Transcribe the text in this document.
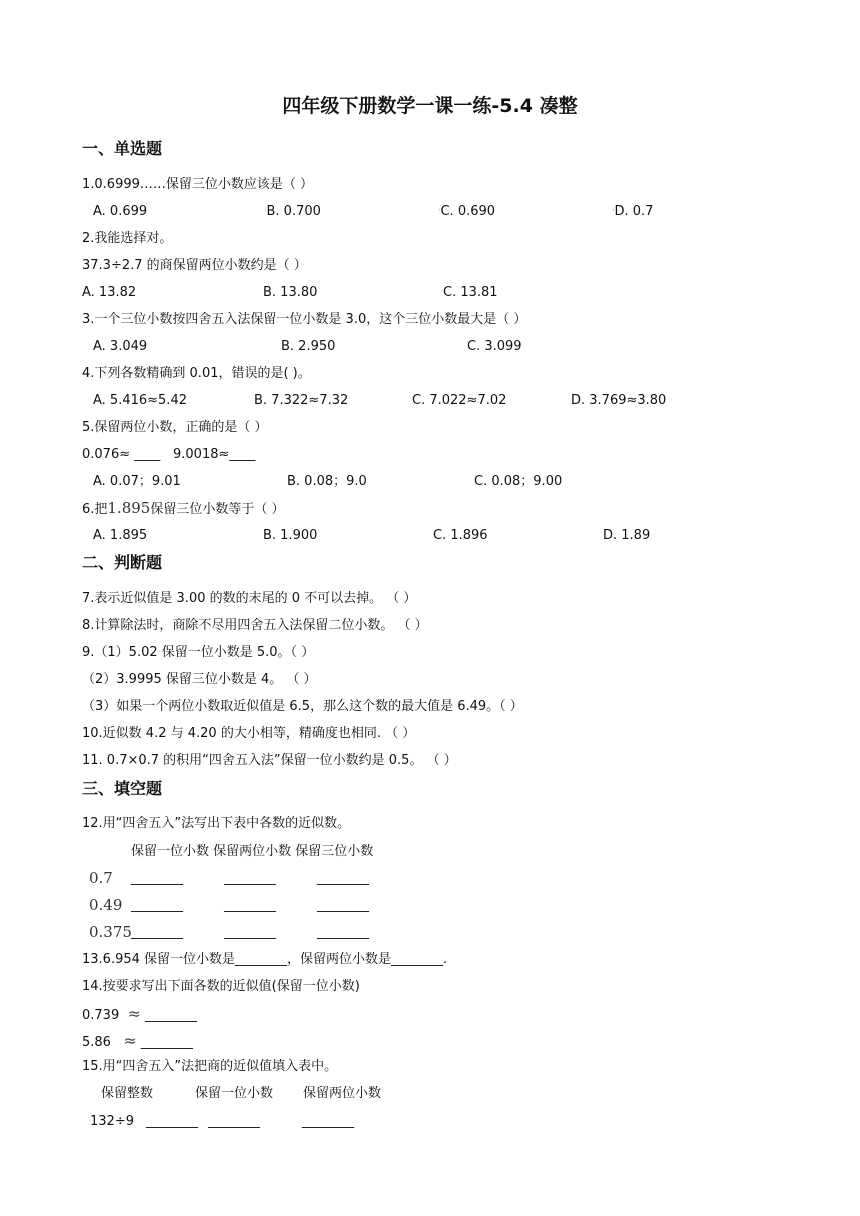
四年级下册数学一课一练-5.4 凑整
一、单选题
1.0.6999……保留三位小数应该是（ ）
A. 0.699	'B. 0.700	'C. 0.690	'D. 0.7
2.我能选择对。
37.3÷2.7 的商保留两位小数约是（ ）
A. 13.82	B. 13.80	C. 13.81
3.一个三位小数按四舍五入法保留一位小数是 3.0，这个三位小数最大是（ ）
A. 3.049	B. 2.950	C. 3.099
4.下列各数精确到 0.01，错误的是( )。
A. 5.416≈5.42	B. 7.322≈7.32	C. 7.022≈7.02	D. 3.769≈3.80
5.保留两位小数，正确的是（ ）
0.076≈ ____ 9.0018≈____
A. 0.07；9.01	B. 0.08；9.0	C. 0.08；9.00
6.把1.895保留三位小数等于（ ）
A. 1.895	B. 1.900	C. 1.896	D. 1.89
二、判断题
7.表示近似值是 3.00 的数的末尾的 0 不可以去掉。 （ ）
8.计算除法时，商除不尽用四舍五入法保留二位小数。 （ ）
9.（1）5.02 保留一位小数是 5.0。（ ）
（2）3.9995 保留三位小数是 4。 （ ）
（3）如果一个两位小数取近似值是 6.5，那么这个数的最大值是 6.49。（ ）
10.近似数 4.2 与 4.20 的大小相等，精确度也相同. （ ）
11. 0.7×0.7 的积用“四舍五入法”保留一位小数约是 0.5。 （ ）
三、填空题
12.用“四舍五入”法写出下表中各数的近似数。
保留一位小数 保留两位小数 保留三位小数
0.7 ________	________	________
0.49 ________	________	________
0.375 ________	________	________
13.6.954 保留一位小数是________，保留两位小数是________.
14.按要求写出下面各数的近似值(保留一位小数)
0.739 ≈ ________
5.86 ≈ ________
15.用“四舍五入”法把商的近似值填入表中。
保留整数	保留一位小数 保留两位小数
132÷9 ________ ________	________
